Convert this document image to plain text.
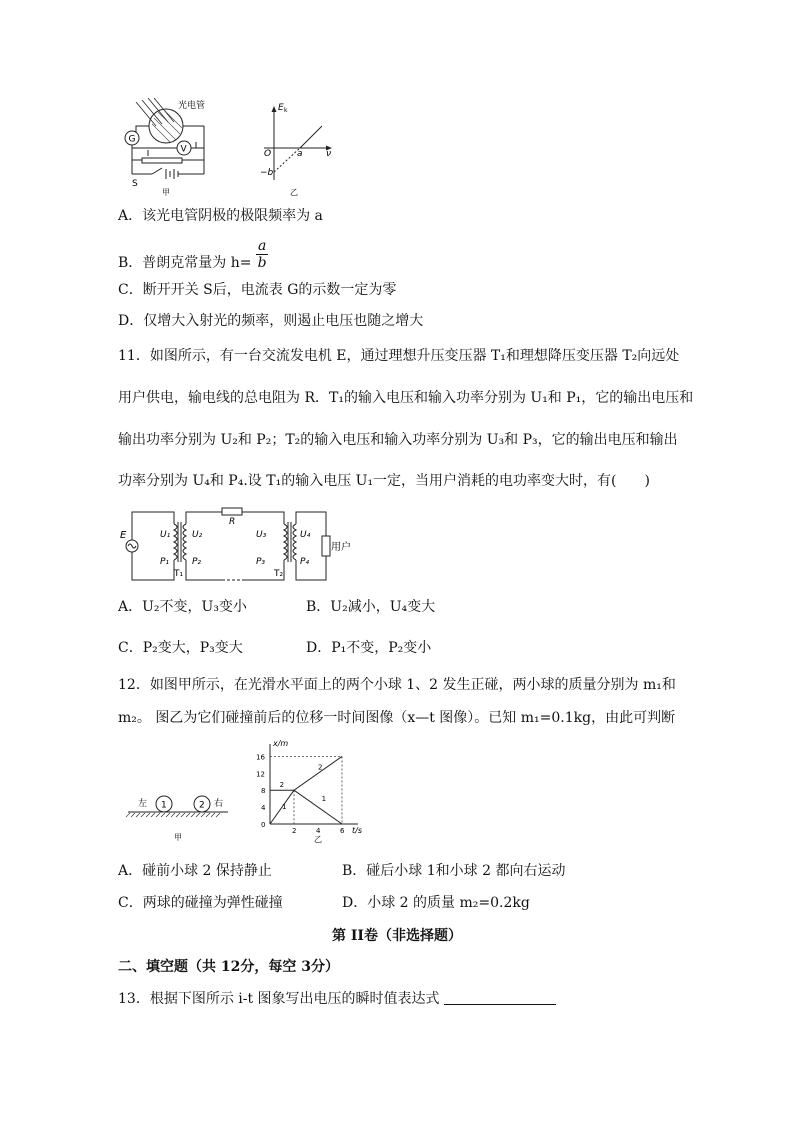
光电管
G
V
S
甲
E k
ν
O	a
−b
乙
A．该光电管阴极的极限频率为 a
B．普朗克常量为 $h= \frac{a}{b}$
C．断开开关 S后，电流表 G的示数一定为零
D．仅增大入射光的频率，则遏止电压也随之增大
11．如图所示，有一台交流发电机 E，通过理想升压变压器 T₁和理想降压变压器 T₂向远处
用户供电，输电线的总电阻为 R．T₁的输入电压和输入功率分别为 U₁和 P₁，它的输出电压和
输出功率分别为 U₂和 P₂；T₂的输入电压和输入功率分别为 U₃和 P₃，它的输出电压和输出
功率分别为 U₄和 P₄.设 T₁的输入电压 U₁一定，当用户消耗的电功率变大时，有(　　)
E	U₁
P₁
T₁
U₂
P₂
R
U₃
P₃
T₂
U₄
P₄
用户
A．U₂不变，U₃变小	B．U₂减小，U₄变大
C．P₂变大，P₃变大	D．P₁不变，P₂变小
12．如图甲所示，在光滑水平面上的两个小球 1、2 发生正碰，两小球的质量分别为 m₁和
m₂。 图乙为它们碰撞前后的位移一时间图像（x—t 图像）。已知 m₁=0.1kg，由此可判断
左 1	2 右
甲
x/m
t/s
16
12
8
4
0
2	4	6
2
2
1
1
乙
A．碰前小球 2 保持静止	B．碰后小球 1和小球 2 都向右运动
C．两球的碰撞为弹性碰撞	D．小球 2 的质量 m₂=0.2kg
第 II卷（非选择题）
二、填空题（共 12分，每空 3分）
13．根据下图所示 i-t 图象写出电压的瞬时值表达式
